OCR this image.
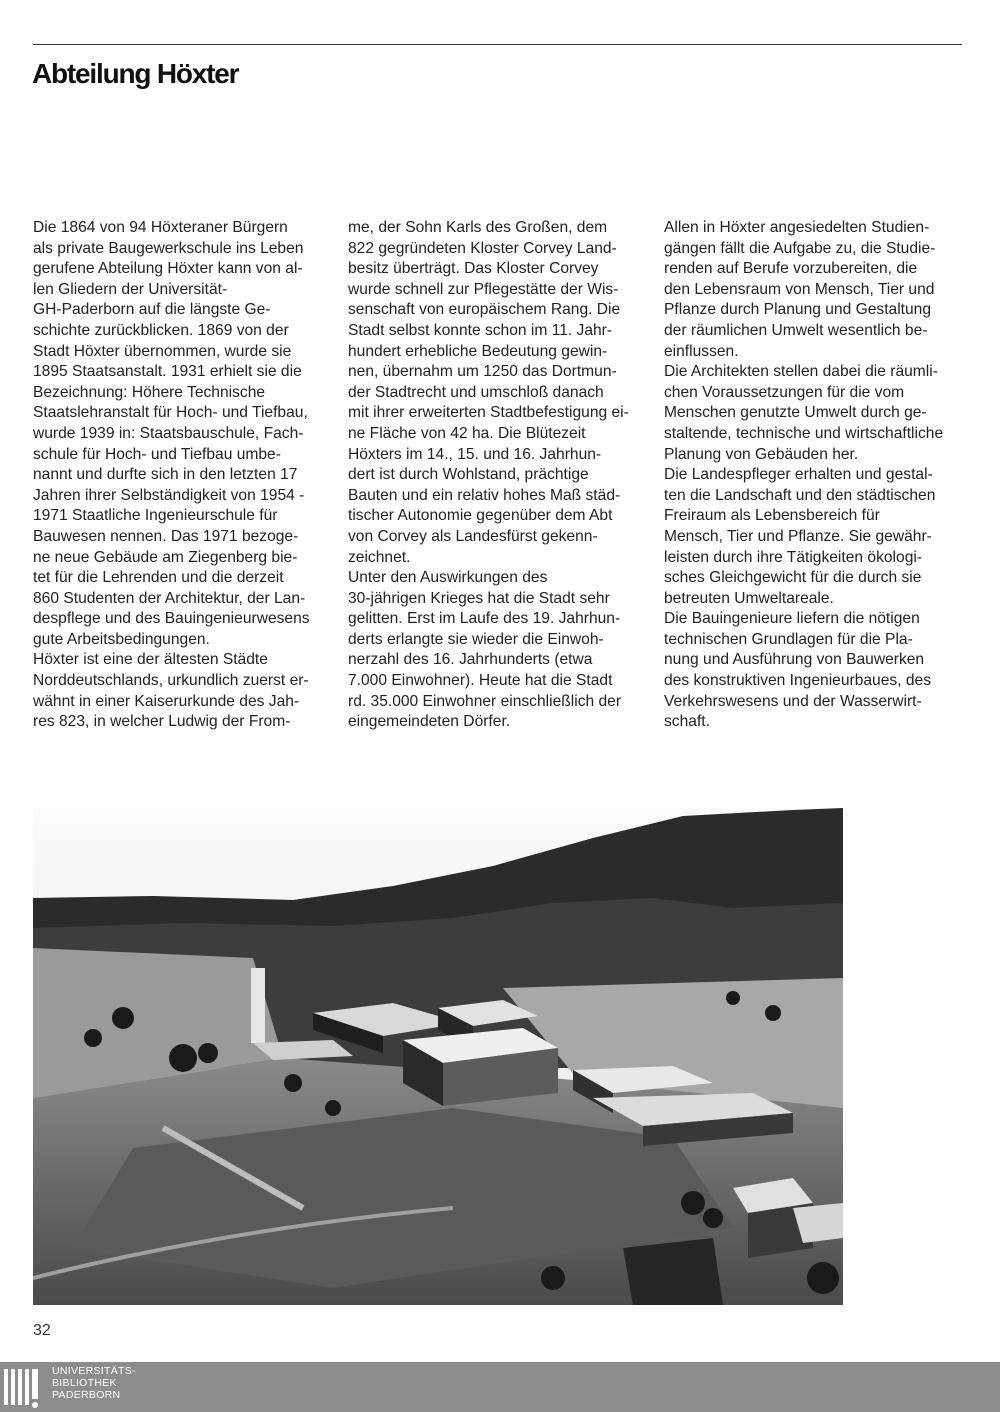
Abteilung Höxter
Die 1864 von 94 Höxteraner Bürgern
als private Baugewerkschule ins Leben
gerufene Abteilung Höxter kann von al-
len Gliedern der Universität-
GH-Paderborn auf die längste Ge-
schichte zurückblicken. 1869 von der
Stadt Höxter übernommen, wurde sie
1895 Staatsanstalt. 1931 erhielt sie die
Bezeichnung: Höhere Technische
Staatslehranstalt für Hoch- und Tiefbau,
wurde 1939 in: Staatsbauschule, Fach-
schule für Hoch- und Tiefbau umbe-
nannt und durfte sich in den letzten 17
Jahren ihrer Selbständigkeit von 1954 -
1971 Staatliche Ingenieurschule für
Bauwesen nennen. Das 1971 bezoge-
ne neue Gebäude am Ziegenberg bie-
tet für die Lehrenden und die derzeit
860 Studenten der Architektur, der Lan-
despflege und des Bauingenieurwesens
gute Arbeitsbedingungen.
Höxter ist eine der ältesten Städte
Norddeutschlands, urkundlich zuerst er-
wähnt in einer Kaiserurkunde des Jah-
res 823, in welcher Ludwig der From-
me, der Sohn Karls des Großen, dem
822 gegründeten Kloster Corvey Land-
besitz überträgt. Das Kloster Corvey
wurde schnell zur Pflegestätte der Wis-
senschaft von europäischem Rang. Die
Stadt selbst konnte schon im 11. Jahr-
hundert erhebliche Bedeutung gewin-
nen, übernahm um 1250 das Dortmun-
der Stadtrecht und umschloß danach
mit ihrer erweiterten Stadtbefestigung ei-
ne Fläche von 42 ha. Die Blütezeit
Höxters im 14., 15. und 16. Jahrhun-
dert ist durch Wohlstand, prächtige
Bauten und ein relativ hohes Maß städ-
tischer Autonomie gegenüber dem Abt
von Corvey als Landesfürst gekenn-
zeichnet.
Unter den Auswirkungen des
30-jährigen Krieges hat die Stadt sehr
gelitten. Erst im Laufe des 19. Jahrhun-
derts erlangte sie wieder die Einwoh-
nerzahl des 16. Jahrhunderts (etwa
7.000 Einwohner). Heute hat die Stadt
rd. 35.000 Einwohner einschließlich der
eingemeindeten Dörfer.
Allen in Höxter angesiedelten Studien-
gängen fällt die Aufgabe zu, die Studie-
renden auf Berufe vorzubereiten, die
den Lebensraum von Mensch, Tier und
Pflanze durch Planung und Gestaltung
der räumlichen Umwelt wesentlich be-
einflussen.
Die Architekten stellen dabei die räumli-
chen Voraussetzungen für die vom
Menschen genutzte Umwelt durch ge-
staltende, technische und wirtschaftliche
Planung von Gebäuden her.
Die Landespfleger erhalten und gestal-
ten die Landschaft und den städtischen
Freiraum als Lebensbereich für
Mensch, Tier und Pflanze. Sie gewähr-
leisten durch ihre Tätigkeiten ökologi-
sches Gleichgewicht für die durch sie
betreuten Umweltareale.
Die Bauingenieure liefern die nötigen
technischen Grundlagen für die Pla-
nung und Ausführung von Bauwerken
des konstruktiven Ingenieurbaues, des
Verkehrswesens und der Wasserwirt-
schaft.
32
UNIVERSITÄTS-
BIBLIOTHEK
PADERBORN
